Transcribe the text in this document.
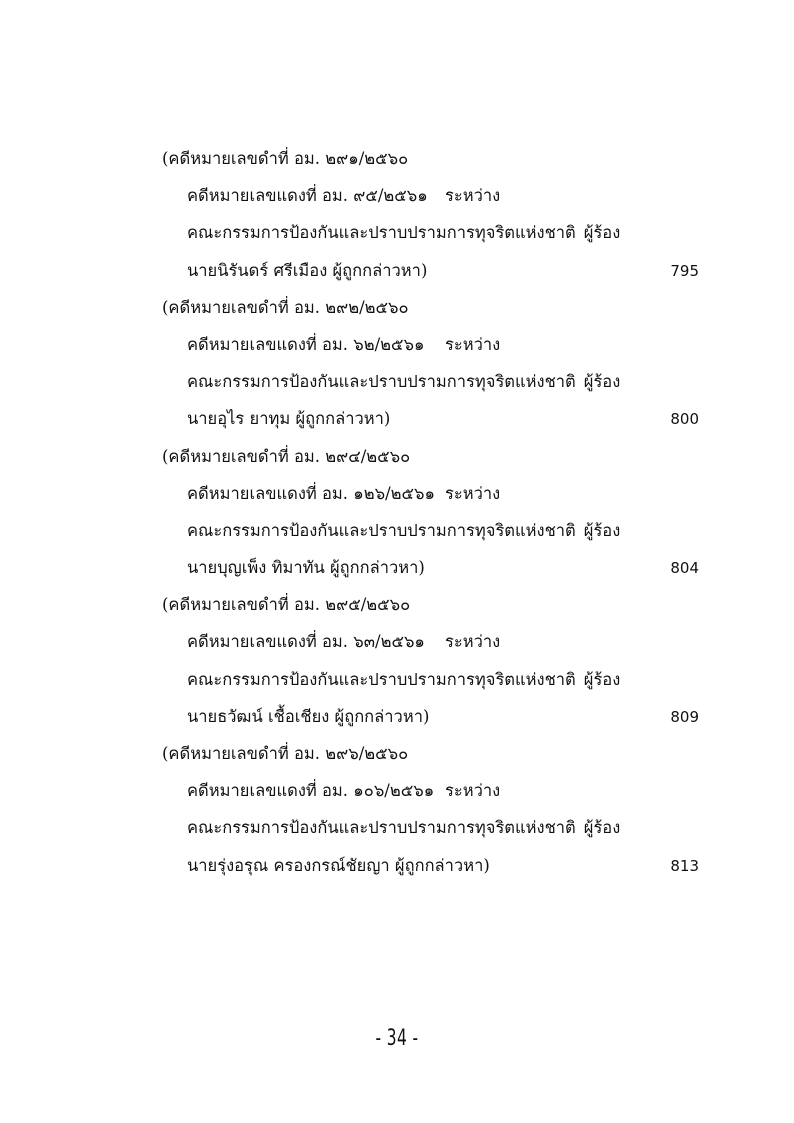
(คดีหมายเลขดำที่ อม. ๒๙๑/๒๕๖๐
คดีหมายเลขแดงที่ อม. ๙๕/๒๕๖๑ ระหว่าง
คณะกรรมการป้องกันและปราบปรามการทุจริตแห่งชาติ ผู้ร้อง
นายนิรันดร์ ศรีเมือง ผู้ถูกกล่าวหา)	795
(คดีหมายเลขดำที่ อม. ๒๙๒/๒๕๖๐
คดีหมายเลขแดงที่ อม. ๖๒/๒๕๖๑ ระหว่าง
คณะกรรมการป้องกันและปราบปรามการทุจริตแห่งชาติ ผู้ร้อง
นายอุไร ยาทุม ผู้ถูกกล่าวหา)	800
(คดีหมายเลขดำที่ อม. ๒๙๔/๒๕๖๐
คดีหมายเลขแดงที่ อม. ๑๒๖/๒๕๖๑ ระหว่าง
คณะกรรมการป้องกันและปราบปรามการทุจริตแห่งชาติ ผู้ร้อง
นายบุญเพ็ง ทิมาทัน ผู้ถูกกล่าวหา)	804
(คดีหมายเลขดำที่ อม. ๒๙๕/๒๕๖๐
คดีหมายเลขแดงที่ อม. ๖๓/๒๕๖๑ ระหว่าง
คณะกรรมการป้องกันและปราบปรามการทุจริตแห่งชาติ ผู้ร้อง
นายธวัฒน์ เชื้อเชียง ผู้ถูกกล่าวหา)	809
(คดีหมายเลขดำที่ อม. ๒๙๖/๒๕๖๐
คดีหมายเลขแดงที่ อม. ๑๐๖/๒๕๖๑ ระหว่าง
คณะกรรมการป้องกันและปราบปรามการทุจริตแห่งชาติ ผู้ร้อง
นายรุ่งอรุณ ครองกรณ์ชัยญา ผู้ถูกกล่าวหา)	813
- 34 -
